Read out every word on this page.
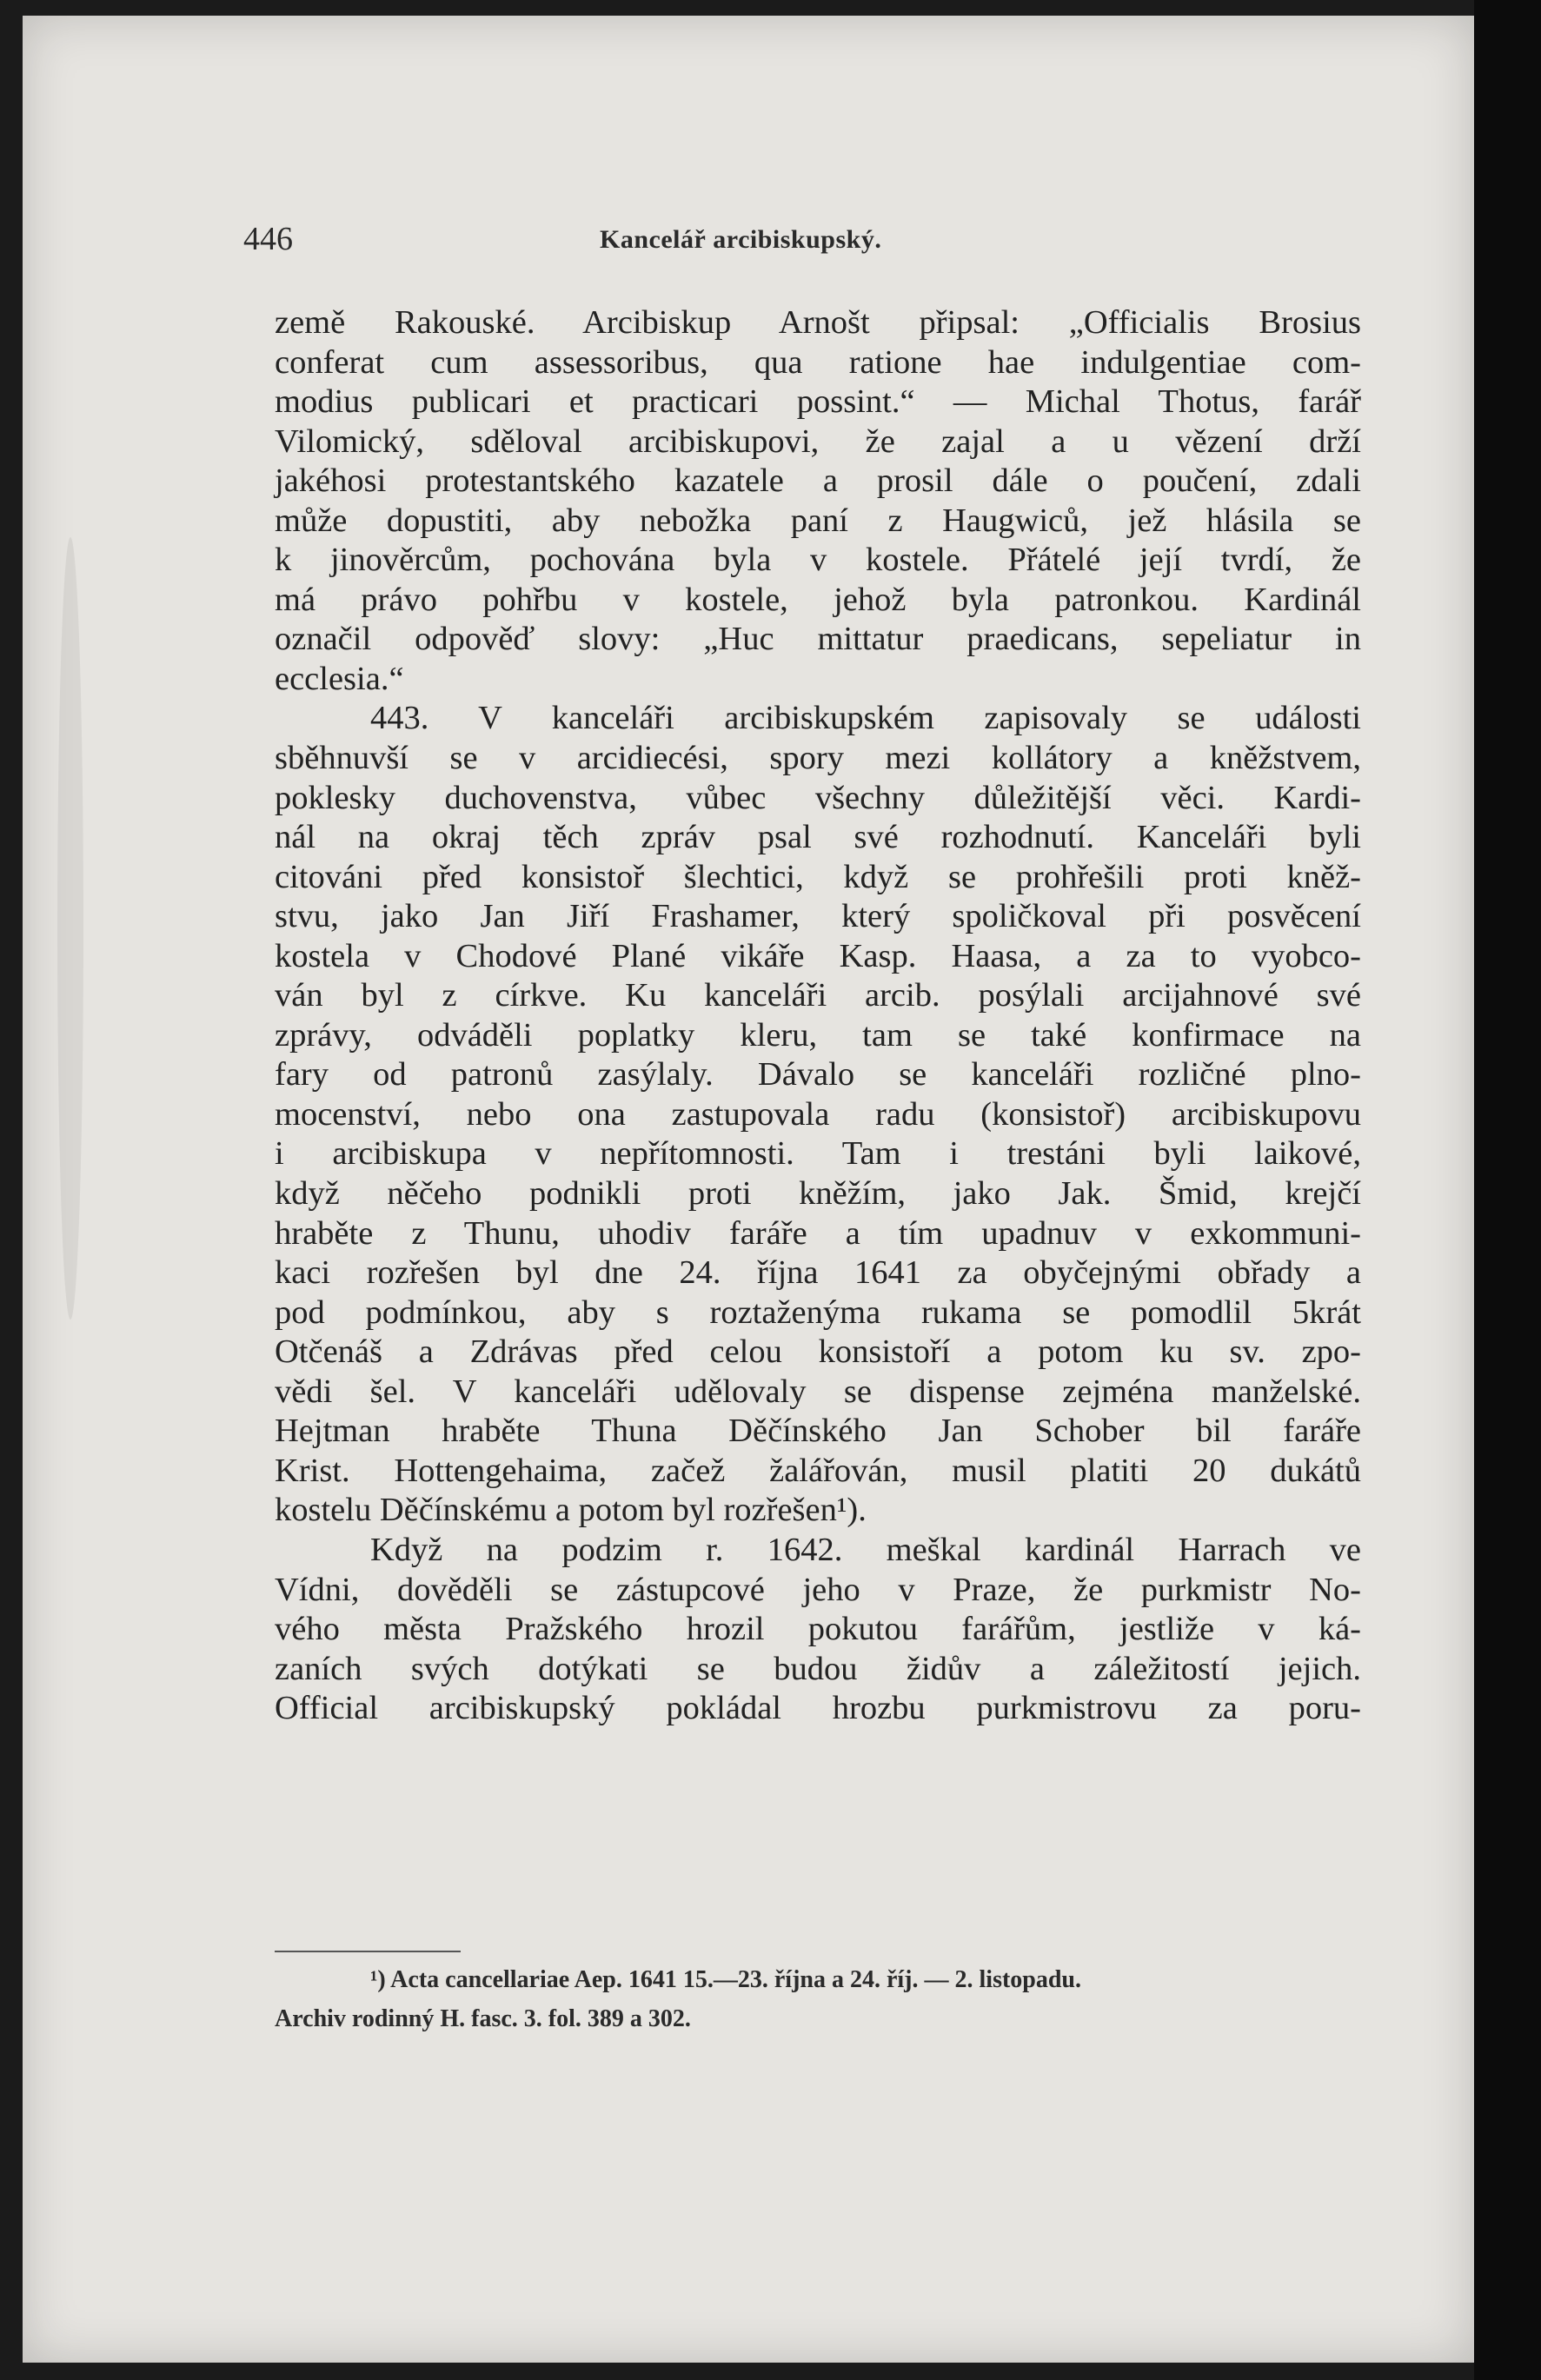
446	Kancelář arcibiskupský.
země Rakouské. Arcibiskup Arnošt připsal: „Officialis Brosius
conferat cum assessoribus, qua ratione hae indulgentiae com-
modius publicari et practicari possint.“ — Michal Thotus, farář
Vilomický, sděloval arcibiskupovi, že zajal a u vězení drží
jakéhosi protestantského kazatele a prosil dále o poučení, zdali
může dopustiti, aby nebožka paní z Haugwiců, jež hlásila se
k jinověrcům, pochována byla v kostele. Přátelé její tvrdí, že
má právo pohřbu v kostele, jehož byla patronkou. Kardinál
označil odpověď slovy: „Huc mittatur praedicans, sepeliatur in
ecclesia.“
443. V kanceláři arcibiskupském zapisovaly se události
sběhnuvší se v arcidiecési, spory mezi kollátory a kněžstvem,
poklesky duchovenstva, vůbec všechny důležitější věci. Kardi-
nál na okraj těch zpráv psal své rozhodnutí. Kanceláři byli
citováni před konsistoř šlechtici, když se prohřešili proti kněž-
stvu, jako Jan Jiří Frashamer, který spoličkoval při posvěcení
kostela v Chodové Plané vikáře Kasp. Haasa, a za to vyobco-
ván byl z církve. Ku kanceláři arcib. posýlali arcijahnové své
zprávy, odváděli poplatky kleru, tam se také konfirmace na
fary od patronů zasýlaly. Dávalo se kanceláři rozličné plno-
mocenství, nebo ona zastupovala radu (konsistoř) arcibiskupovu
i arcibiskupa v nepřítomnosti. Tam i trestáni byli laikové,
když něčeho podnikli proti kněžím, jako Jak. Šmid, krejčí
hraběte z Thunu, uhodiv faráře a tím upadnuv v exkommuni-
kaci rozřešen byl dne 24. října 1641 za obyčejnými obřady a
pod podmínkou, aby s roztaženýma rukama se pomodlil 5krát
Otčenáš a Zdrávas před celou konsistoří a potom ku sv. zpo-
vědi šel. V kanceláři udělovaly se dispense zejména manželské.
Hejtman hraběte Thuna Děčínského Jan Schober bil faráře
Krist. Hottengehaima, začež žalářován, musil platiti 20 dukátů
kostelu Děčínskému a potom byl rozřešen¹).
Když na podzim r. 1642. meškal kardinál Harrach ve
Vídni, dověděli se zástupcové jeho v Praze, že purkmistr No-
vého města Pražského hrozil pokutou farářům, jestliže v ká-
zaních svých dotýkati se budou židův a záležitostí jejich.
Official arcibiskupský pokládal hrozbu purkmistrovu za poru-
¹) Acta cancellariae Aep. 1641 15.—23. října a 24. říj. — 2. listopadu.
Archiv rodinný H. fasc. 3. fol. 389 a 302.
